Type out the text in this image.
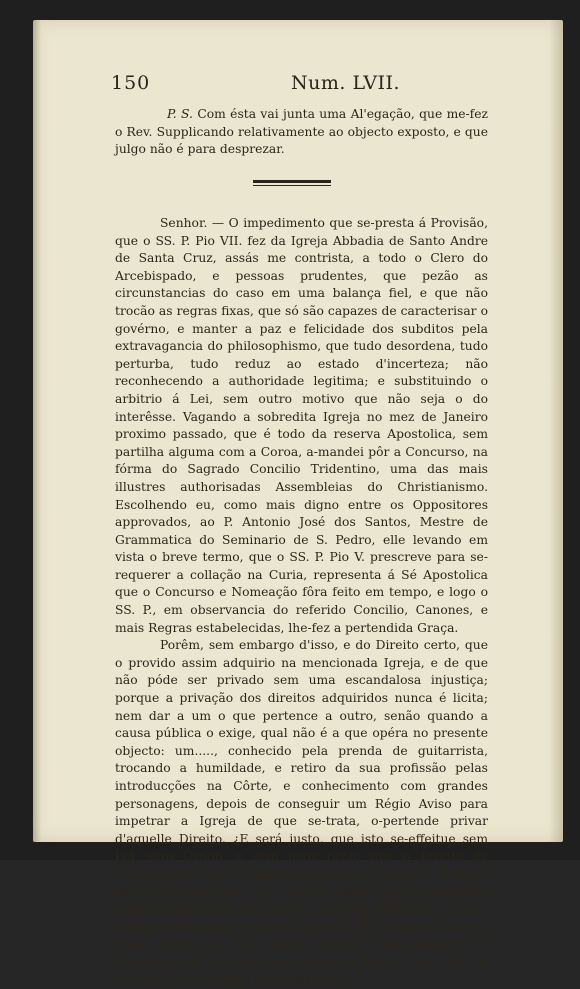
150	Num. LVII.
P. S. Com ésta vai junta uma Al'egação, que me-fez o Rev. Supplicando relativamente ao objecto exposto, e que julgo não é para desprezar.

Senhor. — O impedimento que se-presta á Provisão, que o SS. P. Pio VII. fez da Igreja Abbadia de Santo Andre de Santa Cruz, assás me contrista, a todo o Clero do Arcebispado, e pessoas prudentes, que pezão as circunstancias do caso em uma balança fiel, e que não trocão as regras fixas, que só são capazes de caracterisar o govérno, e manter a paz e felicidade dos subditos pela extravagancia do philosophismo, que tudo desordena, tudo perturba, tudo reduz ao estado d'incerteza; não reconhecendo a authoridade legitima; e substituindo o arbitrio á Lei, sem outro motivo que não seja o do interêsse. Vagando a sobredita Igreja no mez de Janeiro proximo passado, que é todo da reserva Apostolica, sem partilha alguma com a Coroa, a-mandei pôr a Concurso, na fórma do Sagrado Concilio Tridentino, uma das mais illustres authorisadas Assembleias do Christianismo. Escolhendo eu, como mais digno entre os Oppositores approvados, ao P. Antonio José dos Santos, Mestre de Grammatica do Seminario de S. Pedro, elle levando em vista o breve termo, que o SS. P. Pio V. prescreve para se-requerer a collação na Curia, representa á Sé Apostolica que o Concurso e Nomeação fôra feito em tempo, e logo o SS. P., em observancia do referido Concilio, Canones, e mais Regras estabelecidas, lhe-fez a pertendida Graça.

Porêm, sem embargo d'isso, e do Direito certo, que o provido assim adquirio na mencionada Igreja, e de que não póde ser privado sem uma escandalosa injustiça; porque a privação dos direitos adquiridos nunca é licita; nem dar a um o que pertence a outro, senão quando a causa pública o exige, qual não é a que opéra no presente objecto: um....., conhecido pela prenda de guitarrista, trocando a humildade, e retiro da sua profissão pelas introducções na Côrte, e conhecimento com grandes personagens, depois de conseguir um Régio Aviso para impetrar a Igreja de que se-trata, o-pertende privar d'aquelle Direito. ¿E será justo, que isto se-effeitue sem Lei, sem Canon, e sem mais razão que o Direito de condescender com o interêsse particular, e com a vontade de um Ecclesiastico, que deverá saber que a Escriptura Santa o-representa indigno do Lugar de Pastor, por querer entrar pelo postigo, e não pela porta? ¿E será justo, torno a dizer, que por este unico motivo se-sacrifiquem á Resolução da illustre Assembleia de Trento, as Leis, os Canones, a Disciplina Ecclesiastica, e
